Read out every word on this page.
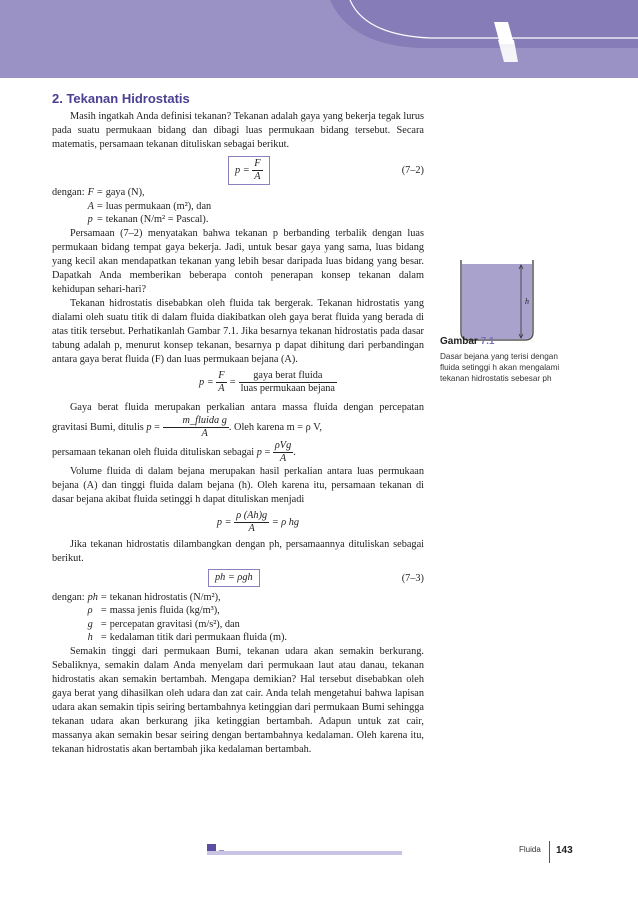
2. Tekanan Hidrostatis

Masih ingatkah Anda definisi tekanan? Tekanan adalah gaya yang bekerja tegak lurus pada suatu permukaan bidang dan dibagi luas permukaan bidang tersebut. Secara matematis, persamaan tekanan dituliskan sebagai berikut.

$p = \frac{F}{A}$	(7–2)
dengan:	F	=	gaya (N),
	A	=	luas permukaan (m²), dan
	p	=	tekanan (N/m² = Pascal).

Persamaan (7–2) menyatakan bahwa tekanan p berbanding terbalik dengan luas permukaan bidang tempat gaya bekerja. Jadi, untuk besar gaya yang sama, luas bidang yang kecil akan mendapatkan tekanan yang lebih besar daripada luas bidang yang besar. Dapatkah Anda memberikan beberapa contoh penerapan konsep tekanan dalam kehidupan sehari-hari?

Tekanan hidrostatis disebabkan oleh fluida tak bergerak. Tekanan hidrostatis yang dialami oleh suatu titik di dalam fluida diakibatkan oleh gaya berat fluida yang berada di atas titik tersebut. Perhatikanlah Gambar 7.1. Jika besarnya tekanan hidrostatis pada dasar tabung adalah p, menurut konsep tekanan, besarnya p dapat dihitung dari perbandingan antara gaya berat fluida (F) dan luas permukaan bejana (A).

$p = \frac{F}{A} = \frac{\text{gaya berat fluida}}{\text{luas permukaan bejana}}$

Gaya berat fluida merupakan perkalian antara massa fluida dengan percepatan gravitasi Bumi, ditulis $p = \frac{\text{m\_fluida g}}{A}$ . Oleh karena m = ρ V,

persamaan tekanan oleh fluida dituliskan sebagai $p = \frac{\text{ρVg}}{A}$ .

Volume fluida di dalam bejana merupakan hasil perkalian antara luas permukaan bejana (A) dan tinggi fluida dalam bejana (h). Oleh karena itu, persamaan tekanan di dasar bejana akibat fluida setinggi h dapat dituliskan menjadi

$p = \frac{\rho (Ah)g}{A} = \rho$ hg

Jika tekanan hidrostatis dilambangkan dengan ph, persamaannya dituliskan sebagai berikut.

ph = ρgh	(7–3)
dengan:	ph	=	tekanan hidrostatis (N/m²),
	ρ	=	massa jenis fluida (kg/m³),
	g	=	percepatan gravitasi (m/s²), dan
	h	=	kedalaman titik dari permukaan fluida (m).

Semakin tinggi dari permukaan Bumi, tekanan udara akan semakin berkurang. Sebaliknya, semakin dalam Anda menyelam dari permukaan laut atau danau, tekanan hidrostatis akan semakin bertambah. Mengapa demikian? Hal tersebut disebabkan oleh gaya berat yang dihasilkan oleh udara dan zat cair. Anda telah mengetahui bahwa lapisan udara akan semakin tipis seiring bertambahnya ketinggian dari permukaan Bumi sehingga tekanan udara akan berkurang jika ketinggian bertambah. Adapun untuk zat cair, massanya akan semakin besar seiring dengan bertambahnya kedalaman. Oleh karena itu, tekanan hidrostatis akan bertambah jika kedalaman bertambah.

h
Gambar 7.1
Dasar bejana yang terisi dengan fluida setinggi h akan mengalami tekanan hidrostatis sebesar ph
Fluida 143
